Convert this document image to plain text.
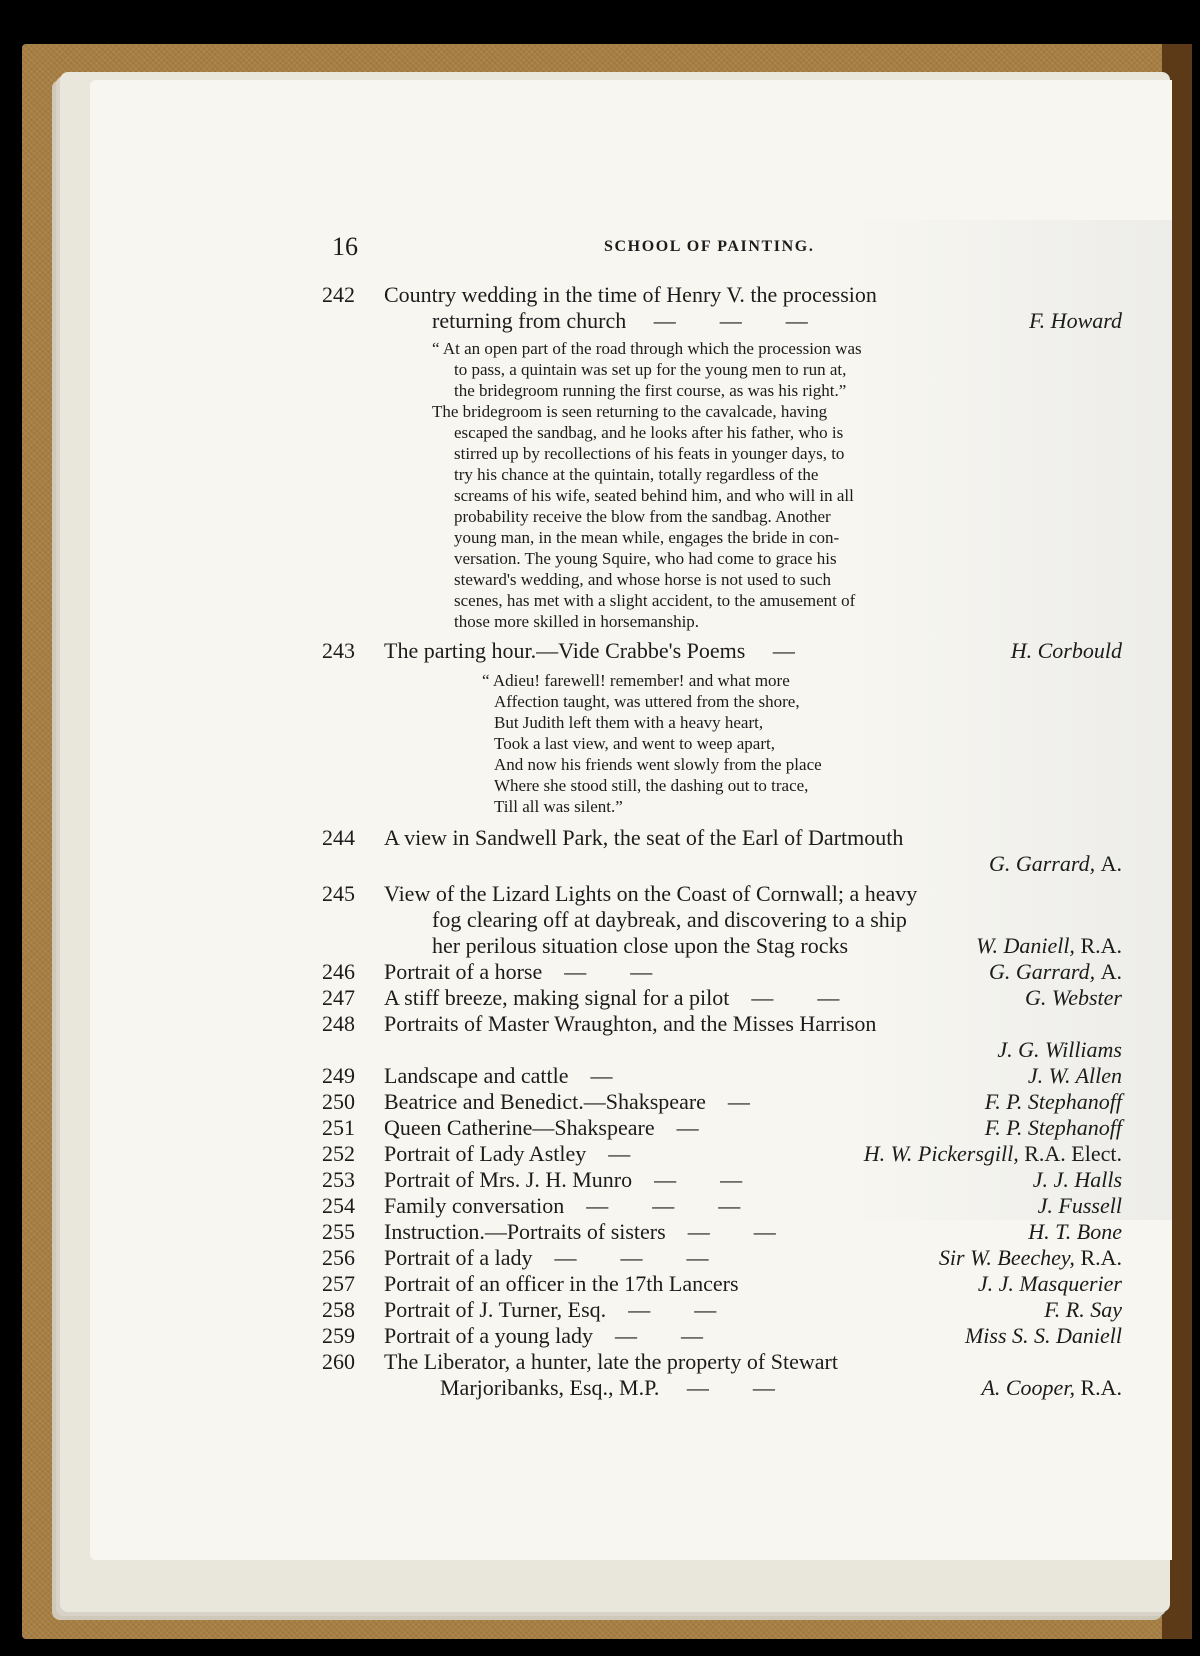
16	SCHOOL OF PAINTING.
242	Country wedding in the time of Henry V. the procession
returning from church — — —	F. Howard
“ At an open part of the road through which the procession was
to pass, a quintain was set up for the young men to run at,
the bridegroom running the first course, as was his right.”
The bridegroom is seen returning to the cavalcade, having
escaped the sandbag, and he looks after his father, who is
stirred up by recollections of his feats in younger days, to
try his chance at the quintain, totally regardless of the
screams of his wife, seated behind him, and who will in all
probability receive the blow from the sandbag. Another
young man, in the mean while, engages the bride in con-
versation. The young Squire, who had come to grace his
steward's wedding, and whose horse is not used to such
scenes, has met with a slight accident, to the amusement of
those more skilled in horsemanship.
243	The parting hour.—Vide Crabbe's Poems —	H. Corbould
“ Adieu! farewell! remember! and what more
Affection taught, was uttered from the shore,
But Judith left them with a heavy heart,
Took a last view, and went to weep apart,
And now his friends went slowly from the place
Where she stood still, the dashing out to trace,
Till all was silent.”
244	A view in Sandwell Park, the seat of the Earl of Dartmouth
G. Garrard, A.
245	View of the Lizard Lights on the Coast of Cornwall; a heavy
fog clearing off at daybreak, and discovering to a ship
her perilous situation close upon the Stag rocks	W. Daniell, R.A.
246	Portrait of a horse — —	G. Garrard, A.
247	A stiff breeze, making signal for a pilot — —	G. Webster
248	Portraits of Master Wraughton, and the Misses Harrison
J. G. Williams
249	Landscape and cattle —	J. W. Allen
250	Beatrice and Benedict.—Shakspeare —	F. P. Stephanoff
251	Queen Catherine—Shakspeare —	F. P. Stephanoff
252	Portrait of Lady Astley —	H. W. Pickersgill, R.A. Elect.
253	Portrait of Mrs. J. H. Munro — —	J. J. Halls
254	Family conversation — — —	J. Fussell
255	Instruction.—Portraits of sisters — —	H. T. Bone
256	Portrait of a lady — — —	Sir W. Beechey, R.A.
257	Portrait of an officer in the 17th Lancers	J. J. Masquerier
258	Portrait of J. Turner, Esq. — —	F. R. Say
259	Portrait of a young lady — —	Miss S. S. Daniell
260	The Liberator, a hunter, late the property of Stewart
Marjoribanks, Esq., M.P. — —	A. Cooper, R.A.
